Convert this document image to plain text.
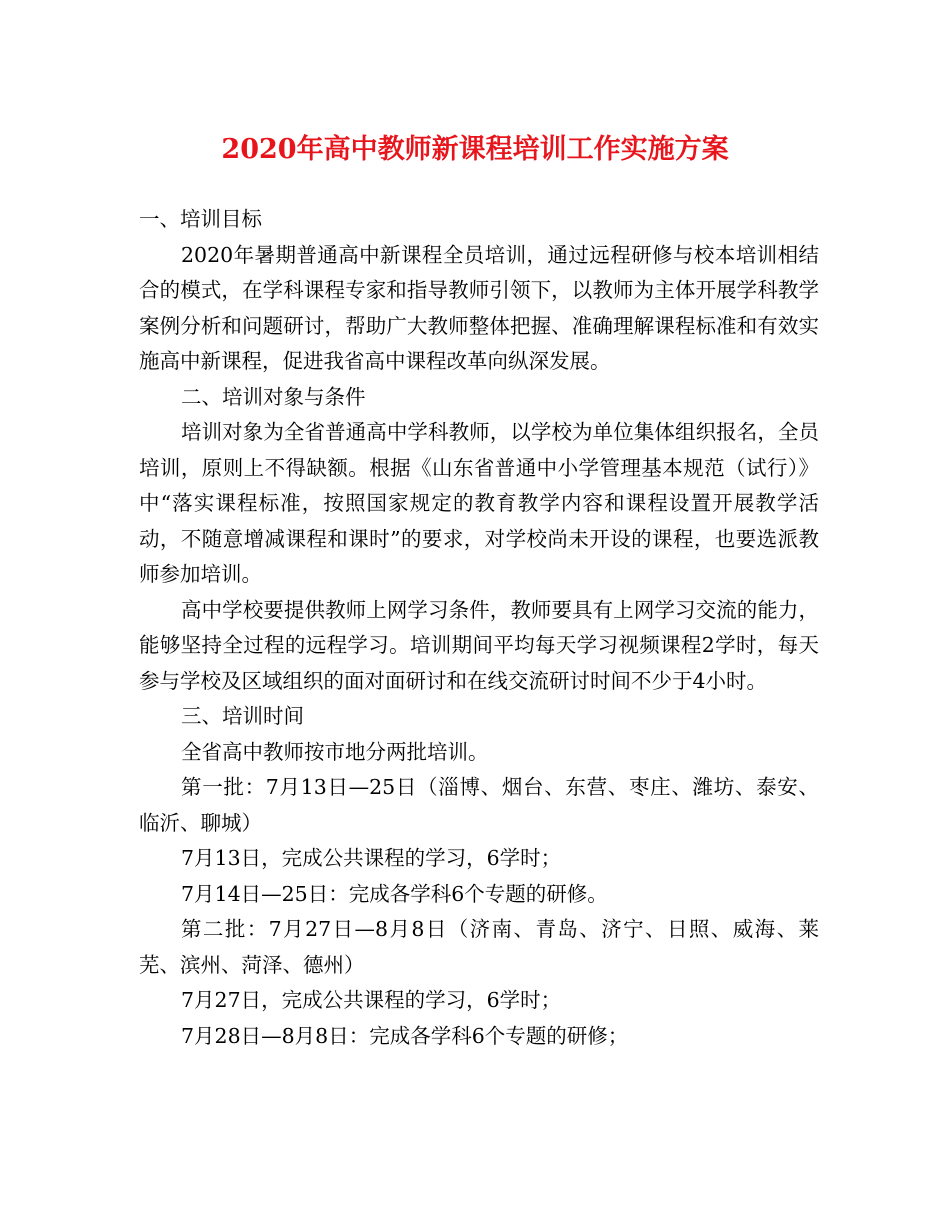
2020年高中教师新课程培训工作实施方案

一、培训目标

2020年暑期普通高中新课程全员培训，通过远程研修与校本培训相结合的模式，在学科课程专家和指导教师引领下，以教师为主体开展学科教学案例分析和问题研讨，帮助广大教师整体把握、准确理解课程标准和有效实施高中新课程，促进我省高中课程改革向纵深发展。

二、培训对象与条件

培训对象为全省普通高中学科教师，以学校为单位集体组织报名，全员培训，原则上不得缺额。根据《山东省普通中小学管理基本规范（试行）》中“落实课程标准，按照国家规定的教育教学内容和课程设置开展教学活动，不随意增减课程和课时”的要求，对学校尚未开设的课程，也要选派教师参加培训。

高中学校要提供教师上网学习条件，教师要具有上网学习交流的能力，能够坚持全过程的远程学习。培训期间平均每天学习视频课程2学时，每天参与学校及区域组织的面对面研讨和在线交流研讨时间不少于4小时。

三、培训时间

全省高中教师按市地分两批培训。

第一批：7月13日—25日（淄博、烟台、东营、枣庄、潍坊、泰安、临沂、聊城）

7月13日，完成公共课程的学习，6学时；

7月14日—25日：完成各学科6个专题的研修。

第二批：7月27日—8月8日（济南、青岛、济宁、日照、威海、莱芜、滨州、菏泽、德州）

7月27日，完成公共课程的学习，6学时；

7月28日—8月8日：完成各学科6个专题的研修；
